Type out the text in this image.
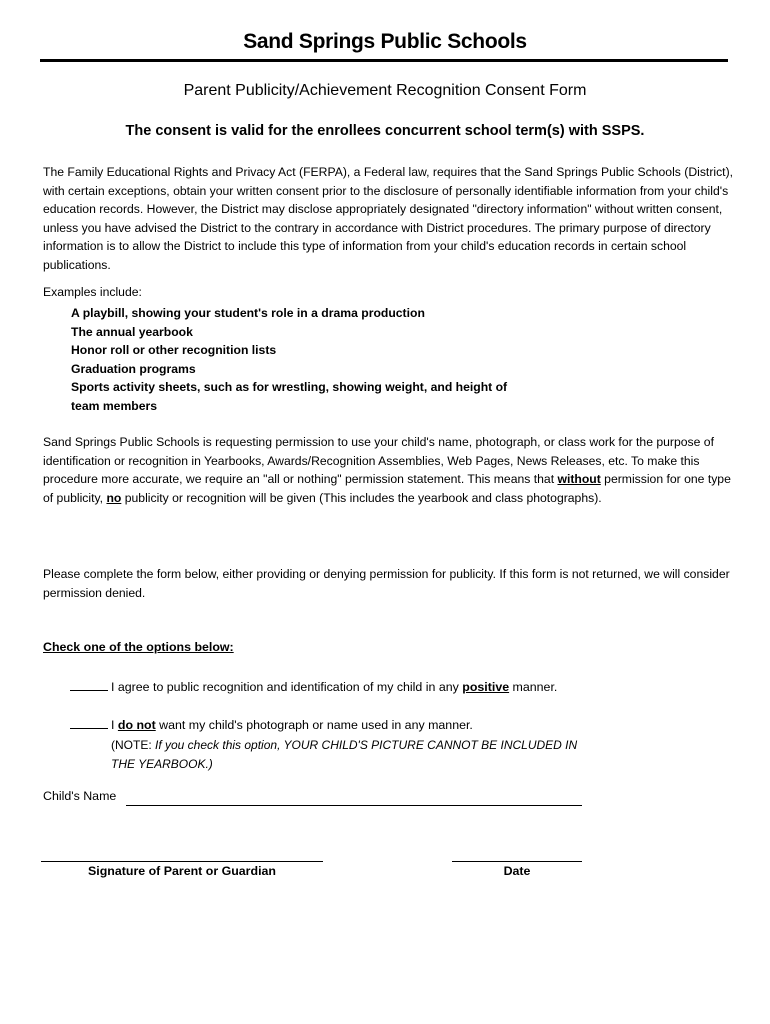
Sand Springs Public Schools
Parent Publicity/Achievement Recognition Consent Form
The consent is valid for the enrollees concurrent school term(s) with SSPS.
The Family Educational Rights and Privacy Act (FERPA), a Federal law, requires that the Sand Springs Public Schools (District), with certain exceptions, obtain your written consent prior to the disclosure of personally identifiable information from your child's education records. However, the District may disclose appropriately designated "directory information" without written consent, unless you have advised the District to the contrary in accordance with District procedures. The primary purpose of directory information is to allow the District to include this type of information from your child's education records in certain school publications.
Examples include:
A playbill, showing your student's role in a drama production
The annual yearbook
Honor roll or other recognition lists
Graduation programs
Sports activity sheets, such as for wrestling, showing weight, and height of
team members
Sand Springs Public Schools is requesting permission to use your child's name, photograph, or class work for the purpose of identification or recognition in Yearbooks, Awards/Recognition Assemblies, Web Pages, News Releases, etc. To make this procedure more accurate, we require an "all or nothing" permission statement. This means that without permission for one type of publicity, no publicity or recognition will be given (This includes the yearbook and class photographs).
Please complete the form below, either providing or denying permission for publicity. If this form is not returned, we will consider permission denied.
Check one of the options below:
I agree to public recognition and identification of my child in any positive manner.
I do not want my child's photograph or name used in any manner.
(NOTE: If you check this option, YOUR CHILD'S PICTURE CANNOT BE INCLUDED IN THE YEARBOOK.)
Child's Name
Signature of Parent or Guardian	Date
